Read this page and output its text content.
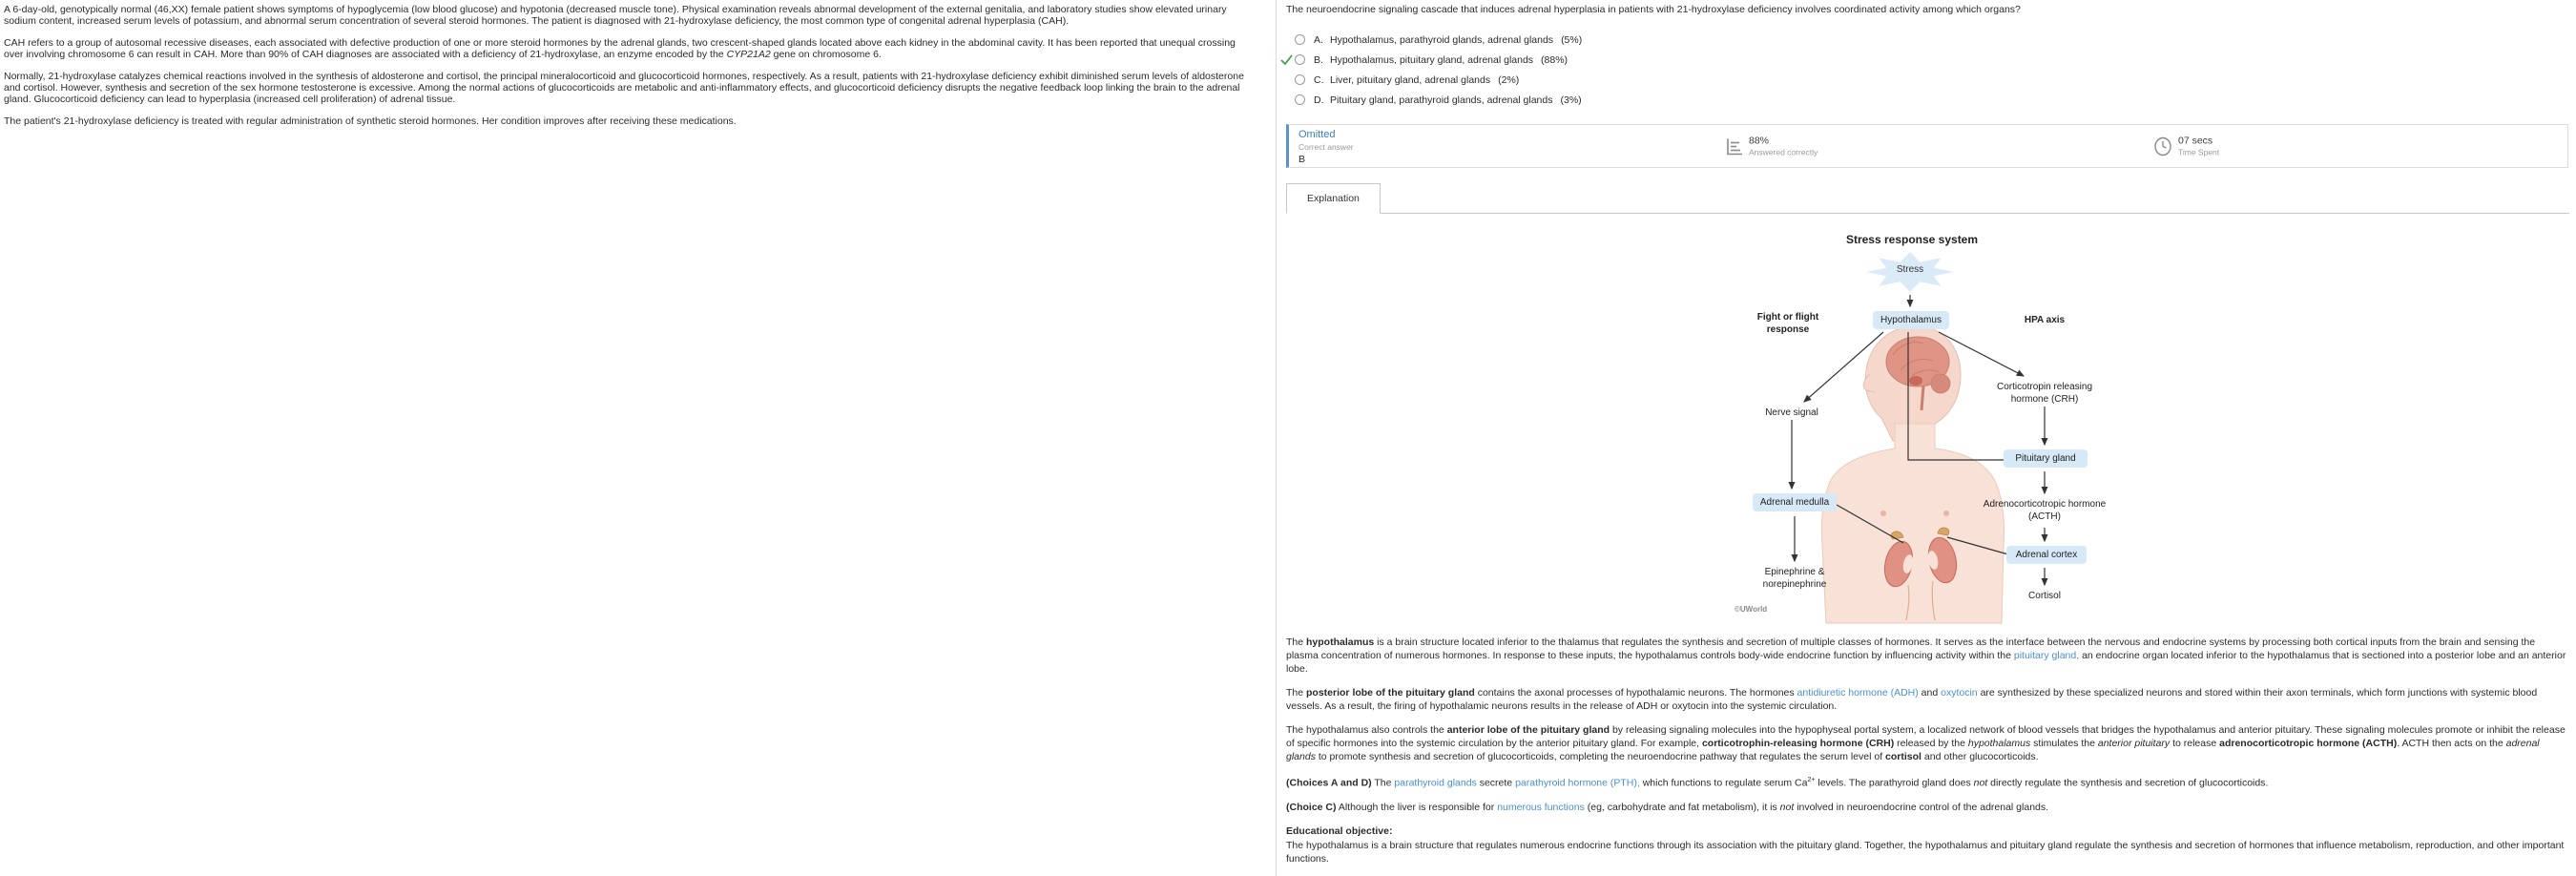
A 6-day-old, genotypically normal (46,XX) female patient shows symptoms of hypoglycemia (low blood glucose) and hypotonia (decreased muscle tone). Physical examination reveals abnormal development of the external genitalia, and laboratory studies show elevated urinary sodium content, increased serum levels of potassium, and abnormal serum concentration of several steroid hormones. The patient is diagnosed with 21-hydroxylase deficiency, the most common type of congenital adrenal hyperplasia (CAH).

CAH refers to a group of autosomal recessive diseases, each associated with defective production of one or more steroid hormones by the adrenal glands, two crescent-shaped glands located above each kidney in the abdominal cavity. It has been reported that unequal crossing over involving chromosome 6 can result in CAH. More than 90% of CAH diagnoses are associated with a deficiency of 21-hydroxylase, an enzyme encoded by the CYP21A2 gene on chromosome 6.

Normally, 21-hydroxylase catalyzes chemical reactions involved in the synthesis of aldosterone and cortisol, the principal mineralocorticoid and glucocorticoid hormones, respectively. As a result, patients with 21-hydroxylase deficiency exhibit diminished serum levels of aldosterone and cortisol. However, synthesis and secretion of the sex hormone testosterone is excessive. Among the normal actions of glucocorticoids are metabolic and anti-inflammatory effects, and glucocorticoid deficiency disrupts the negative feedback loop linking the brain to the adrenal gland. Glucocorticoid deficiency can lead to hyperplasia (increased cell proliferation) of adrenal tissue.

The patient's 21-hydroxylase deficiency is treated with regular administration of synthetic steroid hormones. Her condition improves after receiving these medications.

The neuroendocrine signaling cascade that induces adrenal hyperplasia in patients with 21-hydroxylase deficiency involves coordinated activity among which organs?
A. Hypothalamus, parathyroid glands, adrenal glands (5%)
B. Hypothalamus, pituitary gland, adrenal glands (88%)
C. Liver, pituitary gland, adrenal glands (2%)
D. Pituitary gland, parathyroid glands, adrenal glands (3%)
Omitted
Correct answer
B
88%
Answered correctly
07 secs
Time Spent
Explanation
Stress response system
Stress
Hypothalamus
Fight or flight response
HPA axis
Nerve signal
Corticotropin releasing hormone (CRH)
Pituitary gland
Adrenocorticotropic hormone (ACTH)
Adrenal medulla
Adrenal cortex
Epinephrine & norepinephrine
Cortisol
©UWorld

The hypothalamus is a brain structure located inferior to the thalamus that regulates the synthesis and secretion of multiple classes of hormones. It serves as the interface between the nervous and endocrine systems by processing both cortical inputs from the brain and sensing the plasma concentration of numerous hormones. In response to these inputs, the hypothalamus controls body-wide endocrine function by influencing activity within the pituitary gland, an endocrine organ located inferior to the hypothalamus that is sectioned into a posterior lobe and an anterior lobe.

The posterior lobe of the pituitary gland contains the axonal processes of hypothalamic neurons. The hormones antidiuretic hormone (ADH) and oxytocin are synthesized by these specialized neurons and stored within their axon terminals, which form junctions with systemic blood vessels. As a result, the firing of hypothalamic neurons results in the release of ADH or oxytocin into the systemic circulation.

The hypothalamus also controls the anterior lobe of the pituitary gland by releasing signaling molecules into the hypophyseal portal system, a localized network of blood vessels that bridges the hypothalamus and anterior pituitary. These signaling molecules promote or inhibit the release of specific hormones into the systemic circulation by the anterior pituitary gland. For example, corticotrophin-releasing hormone (CRH) released by the hypothalamus stimulates the anterior pituitary to release adrenocorticotropic hormone (ACTH). ACTH then acts on the adrenal glands to promote synthesis and secretion of glucocorticoids, completing the neuroendocrine pathway that regulates the serum level of cortisol and other glucocorticoids.

(Choices A and D) The parathyroid glands secrete parathyroid hormone (PTH), which functions to regulate serum $Ca^{2+}$ levels. The parathyroid gland does not directly regulate the synthesis and secretion of glucocorticoids.

(Choice C) Although the liver is responsible for numerous functions (eg, carbohydrate and fat metabolism), it is not involved in neuroendocrine control of the adrenal glands.

Educational objective:

The hypothalamus is a brain structure that regulates numerous endocrine functions through its association with the pituitary gland. Together, the hypothalamus and pituitary gland regulate the synthesis and secretion of hormones that influence metabolism, reproduction, and other important functions.
